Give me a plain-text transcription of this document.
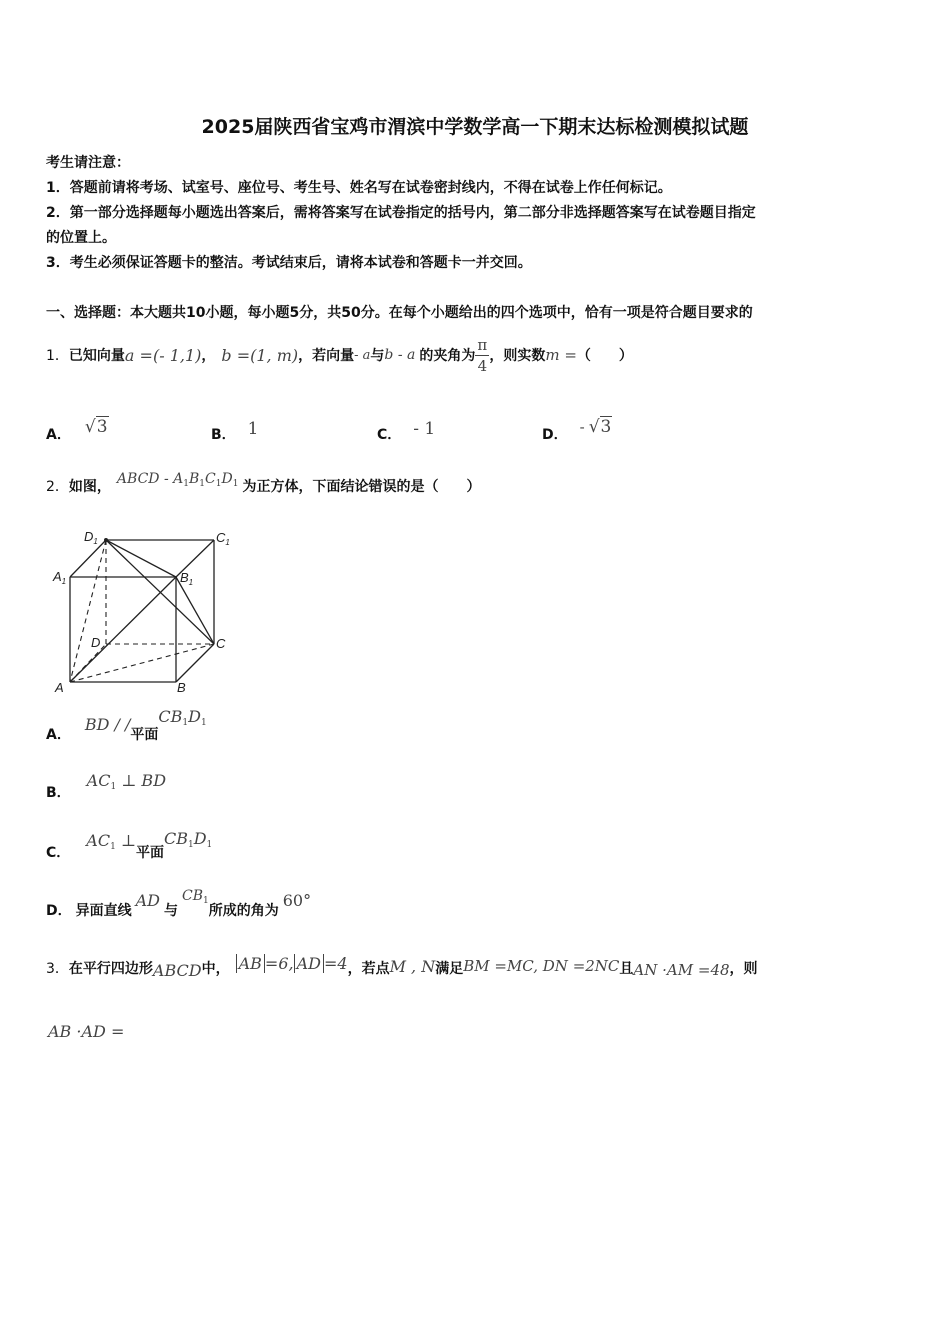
2025届陕西省宝鸡市渭滨中学数学高一下期末达标检测模拟试题
考生请注意：
1．答题前请将考场、试室号、座位号、考生号、姓名写在试卷密封线内，不得在试卷上作任何标记。
2．第一部分选择题每小题选出答案后，需将答案写在试卷指定的括号内，第二部分非选择题答案写在试卷题目指定
的位置上。
3．考生必须保证答题卡的整洁。考试结束后，请将本试卷和答题卡一并交回。
一、选择题：本大题共10小题，每小题5分，共50分。在每个小题给出的四个选项中，恰有一项是符合题目要求的
1． 已知向量 a =(- 1,1) ， b =(1, m) ，若向量 - a 与 b - a 的夹角为 $\frac{\pi}{4}$ ，则实数 m = （　　）
A． √3	B． 1	C． - 1	D． - √3
2． 如图， ABCD - $A_1B_1C_1D_1$ 为正方体，下面结论错误的是（　　）
$D_1$	$C_1$
$A_1$	$B_1$
D	C
A	B
A．
BD / /
平面
$CB_1D_1$
B．
$AC_1$ ⊥ BD
C．
$AC_1$ ⊥
平面
$CB_1D_1$
D． 异面直线
AD
与
$CB_1$
所成的角为
60°
3． 在平行四边形 ABCD 中， AB =6, AD =4 ，若点 M , N 满足 BM =MC, DN =2NC 且 AN ·AM =48 ，则
AB ·AD =
